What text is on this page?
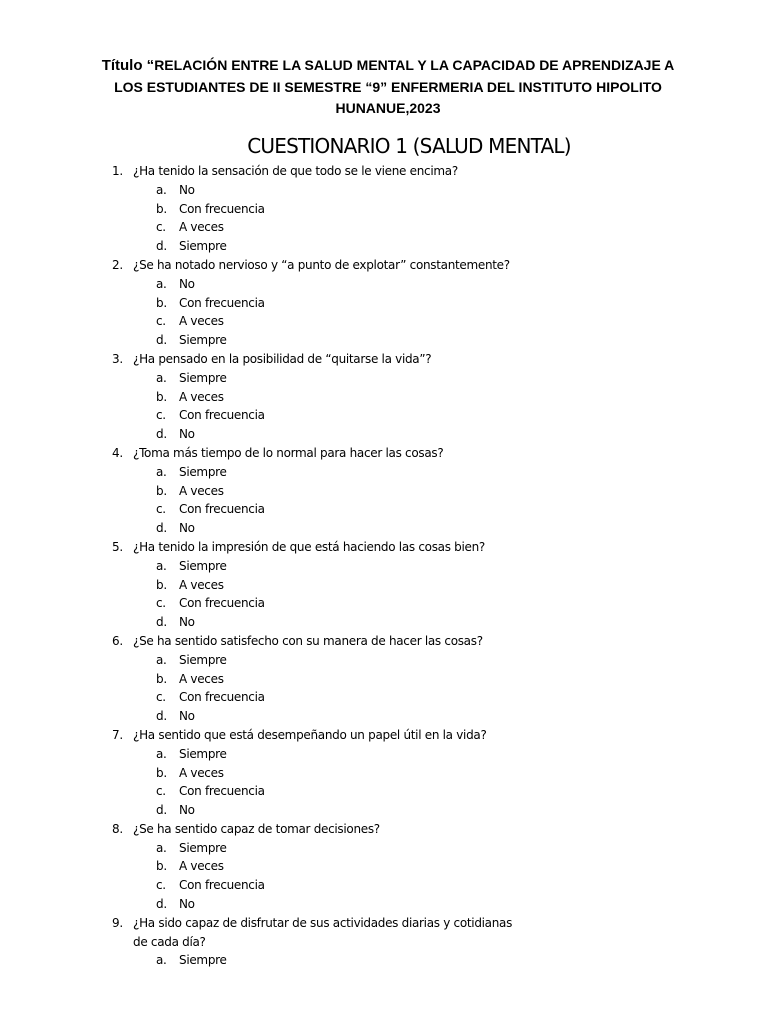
Título “RELACIÓN ENTRE LA SALUD MENTAL Y LA CAPACIDAD DE APRENDIZAJE A LOS ESTUDIANTES DE II SEMESTRE “9” ENFERMERIA DEL INSTITUTO HIPOLITO HUNANUE,2023
CUESTIONARIO 1 (SALUD MENTAL)
1. ¿Ha tenido la sensación de que todo se le viene encima?
a.	No
b.	Con frecuencia
c.	A veces
d.	Siempre
2. ¿Se ha notado nervioso y “a punto de explotar” constantemente?
a.	No
b.	Con frecuencia
c.	A veces
d.	Siempre
3. ¿Ha pensado en la posibilidad de “quitarse la vida”?
a.	Siempre
b.	A veces
c.	Con frecuencia
d.	No
4. ¿Toma más tiempo de lo normal para hacer las cosas?
a.	Siempre
b.	A veces
c.	Con frecuencia
d.	No
5. ¿Ha tenido la impresión de que está haciendo las cosas bien?
a.	Siempre
b.	A veces
c.	Con frecuencia
d.	No
6. ¿Se ha sentido satisfecho con su manera de hacer las cosas?
a.	Siempre
b.	A veces
c.	Con frecuencia
d.	No
7. ¿Ha sentido que está desempeñando un papel útil en la vida?
a.	Siempre
b.	A veces
c.	Con frecuencia
d.	No
8. ¿Se ha sentido capaz de tomar decisiones?
a.	Siempre
b.	A veces
c.	Con frecuencia
d.	No
9. ¿Ha sido capaz de disfrutar de sus actividades diarias y cotidianas de cada día?
a.	Siempre
